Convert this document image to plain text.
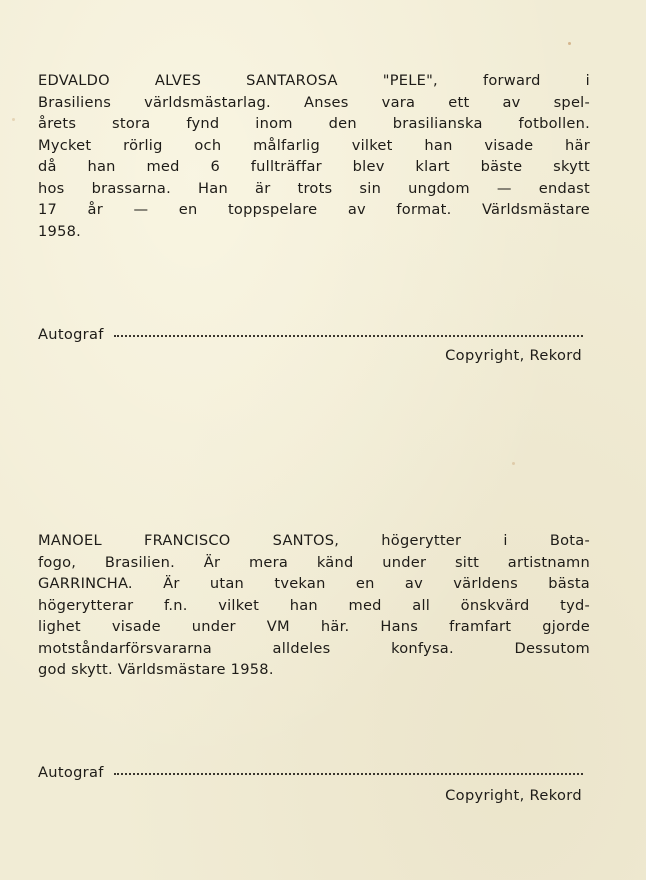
EDVALDO ALVES SANTAROSA "PELE", forward i
Brasiliens världsmästarlag. Anses vara ett av spel-
årets stora fynd inom den brasilianska fotbollen.
Mycket rörlig och målfarlig vilket han visade här
då han med 6 fullträffar blev klart bäste skytt
hos brassarna. Han är trots sin ungdom — endast
17 år — en toppspelare av format. Världsmästare
1958.

Autograf
Copyright, Rekord

MANOEL FRANCISCO SANTOS, högerytter i Bota-
fogo, Brasilien. Är mera känd under sitt artistnamn
GARRINCHA. Är utan tvekan en av världens bästa
högerytterar f.n. vilket han med all önskvärd tyd-
lighet visade under VM här. Hans framfart gjorde
motståndarförsvararna alldeles konfysa. Dessutom
god skytt. Världsmästare 1958.

Autograf
Copyright, Rekord
